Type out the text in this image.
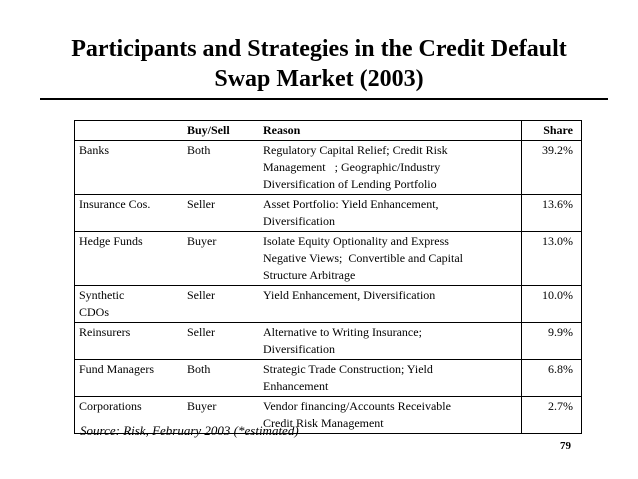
Participants and Strategies in the Credit Default
Swap Market (2003)
	Buy/Sell	Reason	Share
Banks	Both	Regulatory Capital Relief; Credit Risk
Management   ; Geographic/Industry
Diversification of Lending Portfolio	39.2%
Insurance Cos.	Seller	Asset Portfolio: Yield Enhancement,
Diversification	13.6%
Hedge Funds	Buyer	Isolate Equity Optionality and Express
Negative Views;  Convertible and Capital
Structure Arbitrage	13.0%

Synthetic
CDOs	Seller	Yield Enhancement, Diversification	10.0%
Reinsurers	Seller	Alternative to Writing Insurance;
Diversification	9.9%
Fund Managers	Both	Strategic Trade Construction; Yield
Enhancement	6.8%
Corporations	Buyer	Vendor financing/Accounts Receivable
Credit Risk Management	2.7%
Source: Risk, February 2003 (*estimated)
79
